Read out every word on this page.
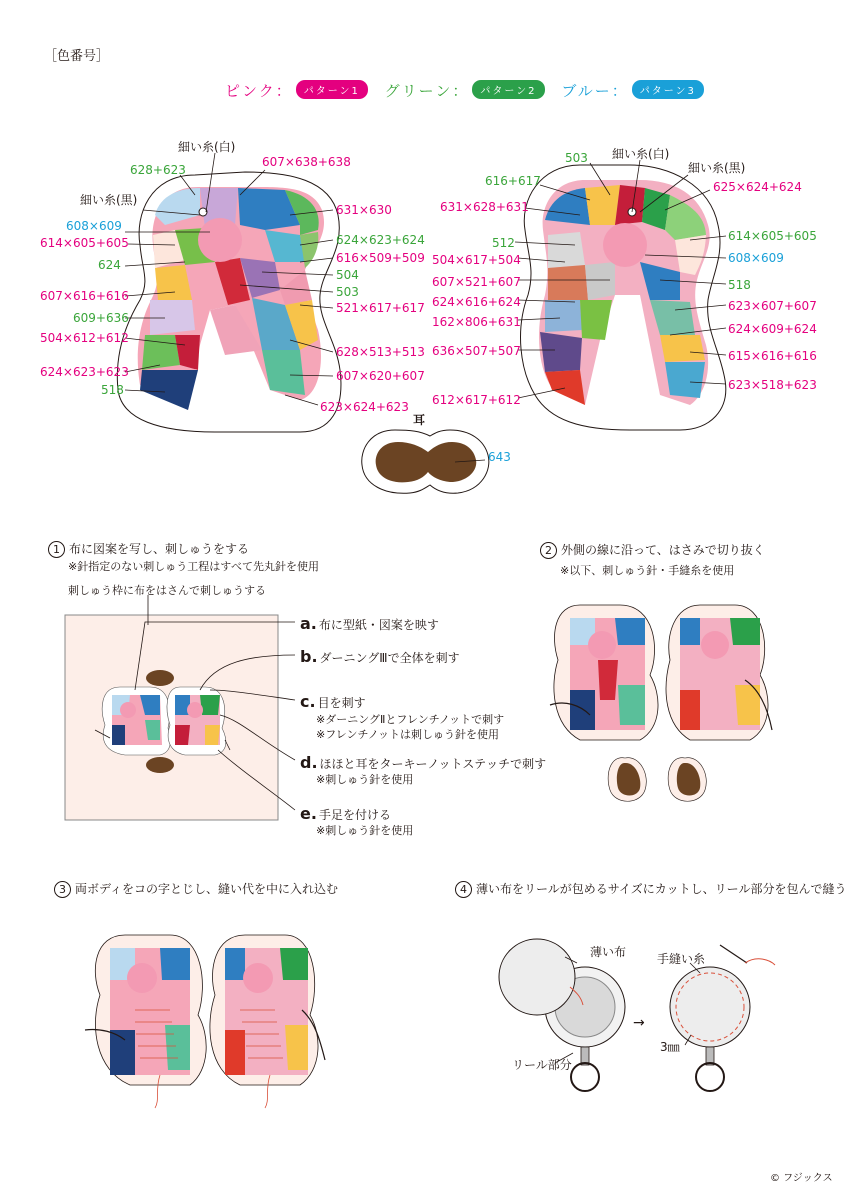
［色番号］
ピンク： パターン1 グリーン： パターン2 ブルー： パターン3
細い糸(白)
628+623
607×638+638
細い糸(黒)
631×630
608×609
614×605+605	624×623+624
624	616×509+509
504
607×616+616	503
521×617+617
609+636
504×612+612
628×513+513
624×623+623	607×620+607
518
623×624+623
503 細い糸(白)
細い糸(黒)
616+617	625×624+624
631×628+631
614×605+605
512
608×609
504×617+504
607×521+607	518
624×616+624	623×607+607
162×806+631	624×609+624
636×507+507	615×616+616
623×518+623
612×617+612
耳
643
1 布に図案を写し、刺しゅうをする
※針指定のない刺しゅう工程はすべて先丸針を使用
刺しゅう枠に布をはさんで刺しゅうする
a. 布に型紙・図案を映す
b. ダーニングⅢで全体を刺す
c. 目を刺す
※ダーニングⅡとフレンチノットで刺す
※フレンチノットは刺しゅう針を使用
d. ほほと耳をターキーノットステッチで刺す
※刺しゅう針を使用
e. 手足を付ける
※刺しゅう針を使用
2 外側の線に沿って、はさみで切り抜く
※以下、刺しゅう針・手縫糸を使用
3 両ボディをコの字とじし、縫い代を中に入れ込む	4 薄い布をリールが包めるサイズにカットし、リール部分を包んで縫う
→
薄い布
リール部分
手縫い糸
3㎜
© フジックス
